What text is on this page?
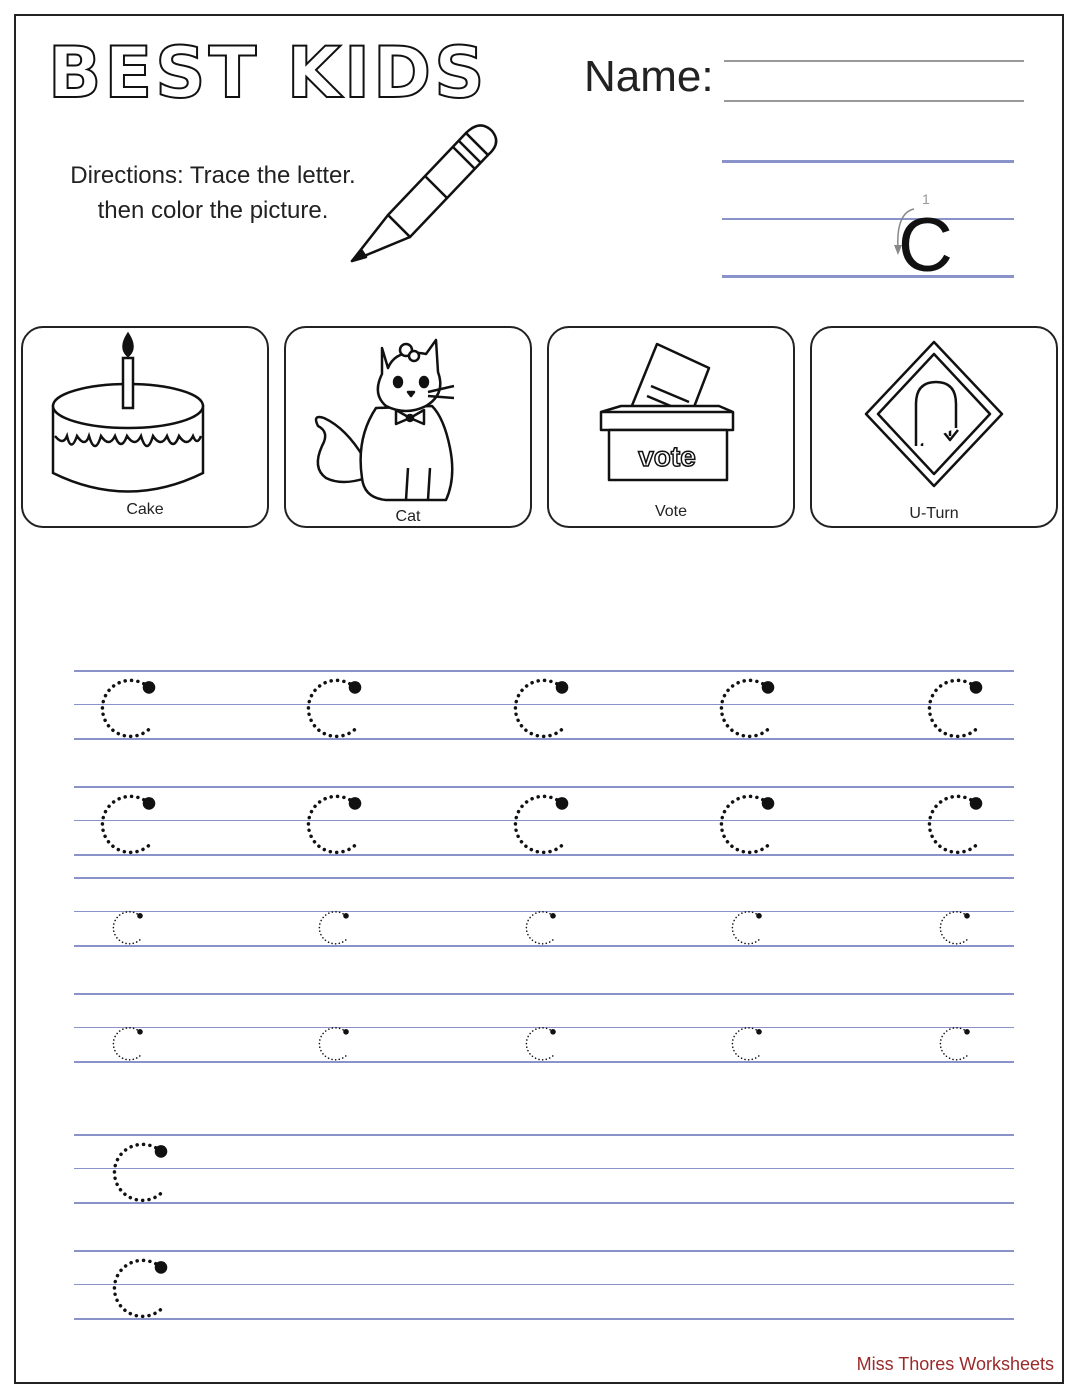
BEST KIDS Name:
Directions: Trace the letter.
then color the picture.	1
C
Cake	Cat
vote
Vote	U-Turn
Miss Thores Worksheets
